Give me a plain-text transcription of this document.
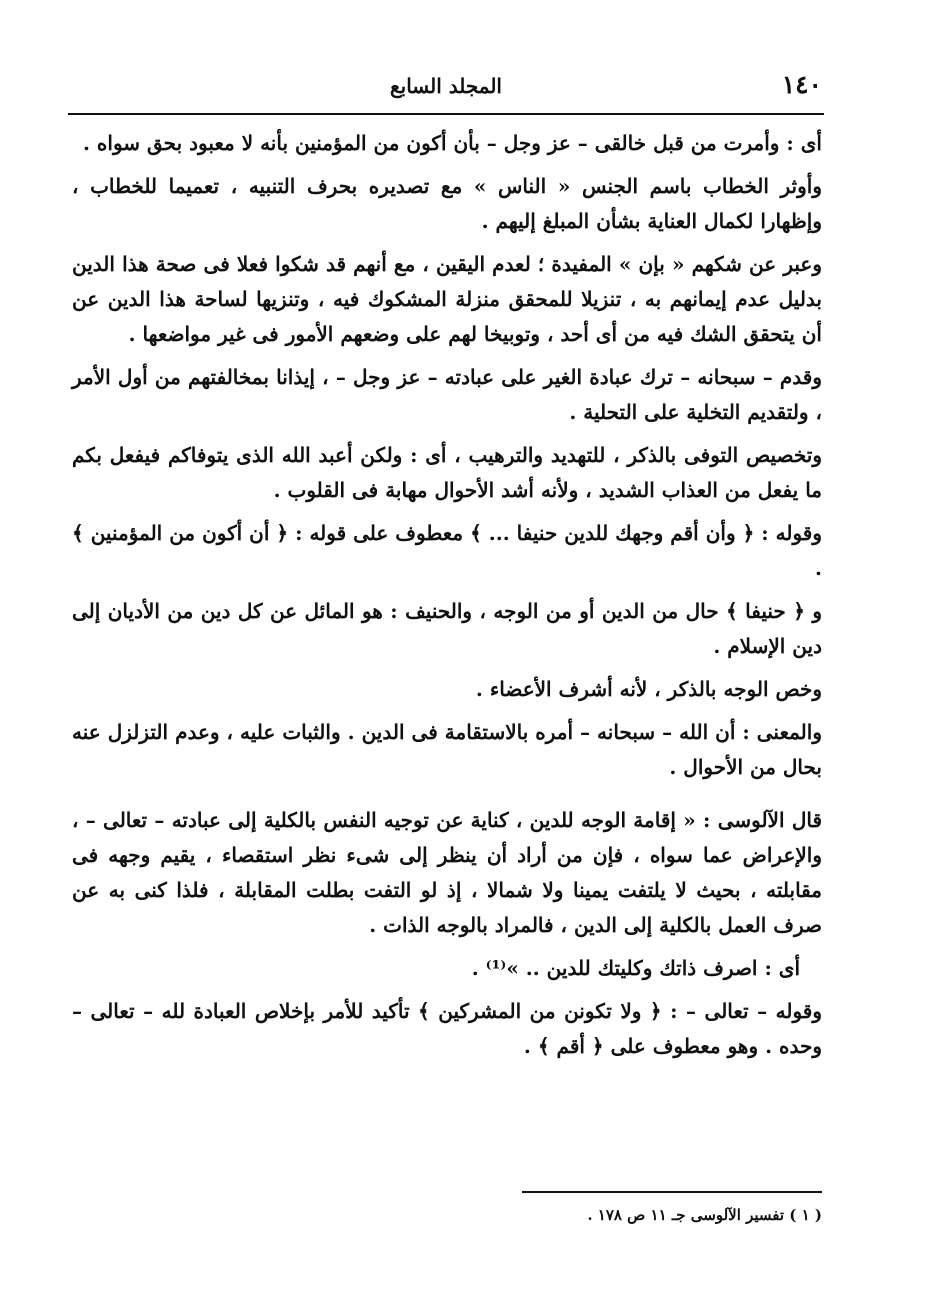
١٤٠
المجلد السابع

أى : وأمرت من قبل خالقى – عز وجل – بأن أكون من المؤمنين بأنه لا معبود بحق سواه .

وأوثر الخطاب باسم الجنس « الناس » مع تصديره بحرف التنبيه ، تعميما للخطاب ، وإظهارا لكمال العناية بشأن المبلغ إليهم .

وعبر عن شكهم « بإن » المفيدة ؛ لعدم اليقين ، مع أنهم قد شكوا فعلا فى صحة هذا الدين بدليل عدم إيمانهم به ، تنزيلا للمحقق منزلة المشكوك فيه ، وتنزيها لساحة هذا الدين عن أن يتحقق الشك فيه من أى أحد ، وتوبيخا لهم على وضعهم الأمور فى غير مواضعها .

وقدم – سبحانه – ترك عبادة الغير على عبادته – عز وجل – ، إيذانا بمخالفتهم من أول الأمر ، ولتقديم التخلية على التحلية .

وتخصيص التوفى بالذكر ، للتهديد والترهيب ، أى : ولكن أعبد الله الذى يتوفاكم فيفعل بكم ما يفعل من العذاب الشديد ، ولأنه أشد الأحوال مهابة فى القلوب .

وقوله : ﴿ وأن أقم وجهك للدين حنيفا ... ﴾ معطوف على قوله : ﴿ أن أكون من المؤمنين ﴾ .

و ﴿ حنيفا ﴾ حال من الدين أو من الوجه ، والحنيف : هو المائل عن كل دين من الأديان إلى دين الإسلام .

وخص الوجه بالذكر ، لأنه أشرف الأعضاء .

والمعنى : أن الله – سبحانه – أمره بالاستقامة فى الدين . والثبات عليه ، وعدم التزلزل عنه بحال من الأحوال .

قال الآلوسى : « إقامة الوجه للدين ، كناية عن توجيه النفس بالكلية إلى عبادته – تعالى – ، والإعراض عما سواه ، فإن من أراد أن ينظر إلى شىء نظر استقصاء ، يقيم وجهه فى مقابلته ، بحيث لا يلتفت يمينا ولا شمالا ، إذ لو التفت بطلت المقابلة ، فلذا كنى به عن صرف العمل بالكلية إلى الدين ، فالمراد بالوجه الذات .

أى : اصرف ذاتك وكليتك للدين .. »⁽¹⁾ .

وقوله – تعالى – : ﴿ ولا تكونن من المشركين ﴾ تأكيد للأمر بإخلاص العبادة لله – تعالى – وحده . وهو معطوف على ﴿ أقم ﴾ .

( ١ ) تفسير الآلوسى جـ ١١ ص ١٧٨ .
